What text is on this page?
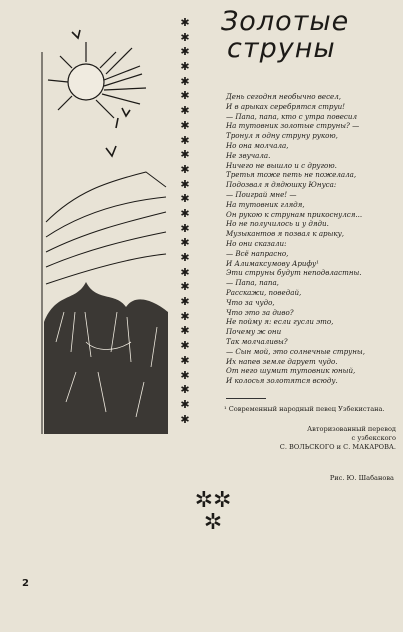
✱
✱
✱
✱
✱
✱
✱
✱
✱
✱
✱
✱
✱
✱
✱
✱
✱
✱
✱
✱
✱
✱
✱
✱
✱
✱
✱
✱
Золотые
струны
День сегодня необычно весел,
И в арыках серебрятся струи!
— Папа, папа, кто с утра повесил
На тутовник золотые струны? —
Тронул я одну струну рукою,
Но она молчала,
Не звучала.
Ничего не вышло и с другою.
Третья тоже петь не пожелала,
Подозвал я дядюшку Юнуса:
— Поиграй мне! —
На тутовник глядя,
Он рукою к струнам прикоснулся...
Но не получилось и у дяди.
Музыкантов я позвал к арыку,
Но они сказали:
— Всё напрасно,
И Алимаксумову Арифу¹
Эти струны будут неподвластны.
— Папа, папа,
Расскажи, поведай,
Что за чудо,
Что это за диво?
Не пойму я: если гусли это,
Почему ж они
Так молчаливы?
— Сын мой, это солнечные струны,
Их напев земле дарует чудо.
От него шумит тутовник юный,
И колосья золотятся всюду.
¹ Современный народный певец Узбекистана.
Авторизованный перевод
с узбекского
С. ВОЛЬСКОГО и С. МАКАРОВА.
Рис. Ю. Шабанова
✲✲
✲
2
